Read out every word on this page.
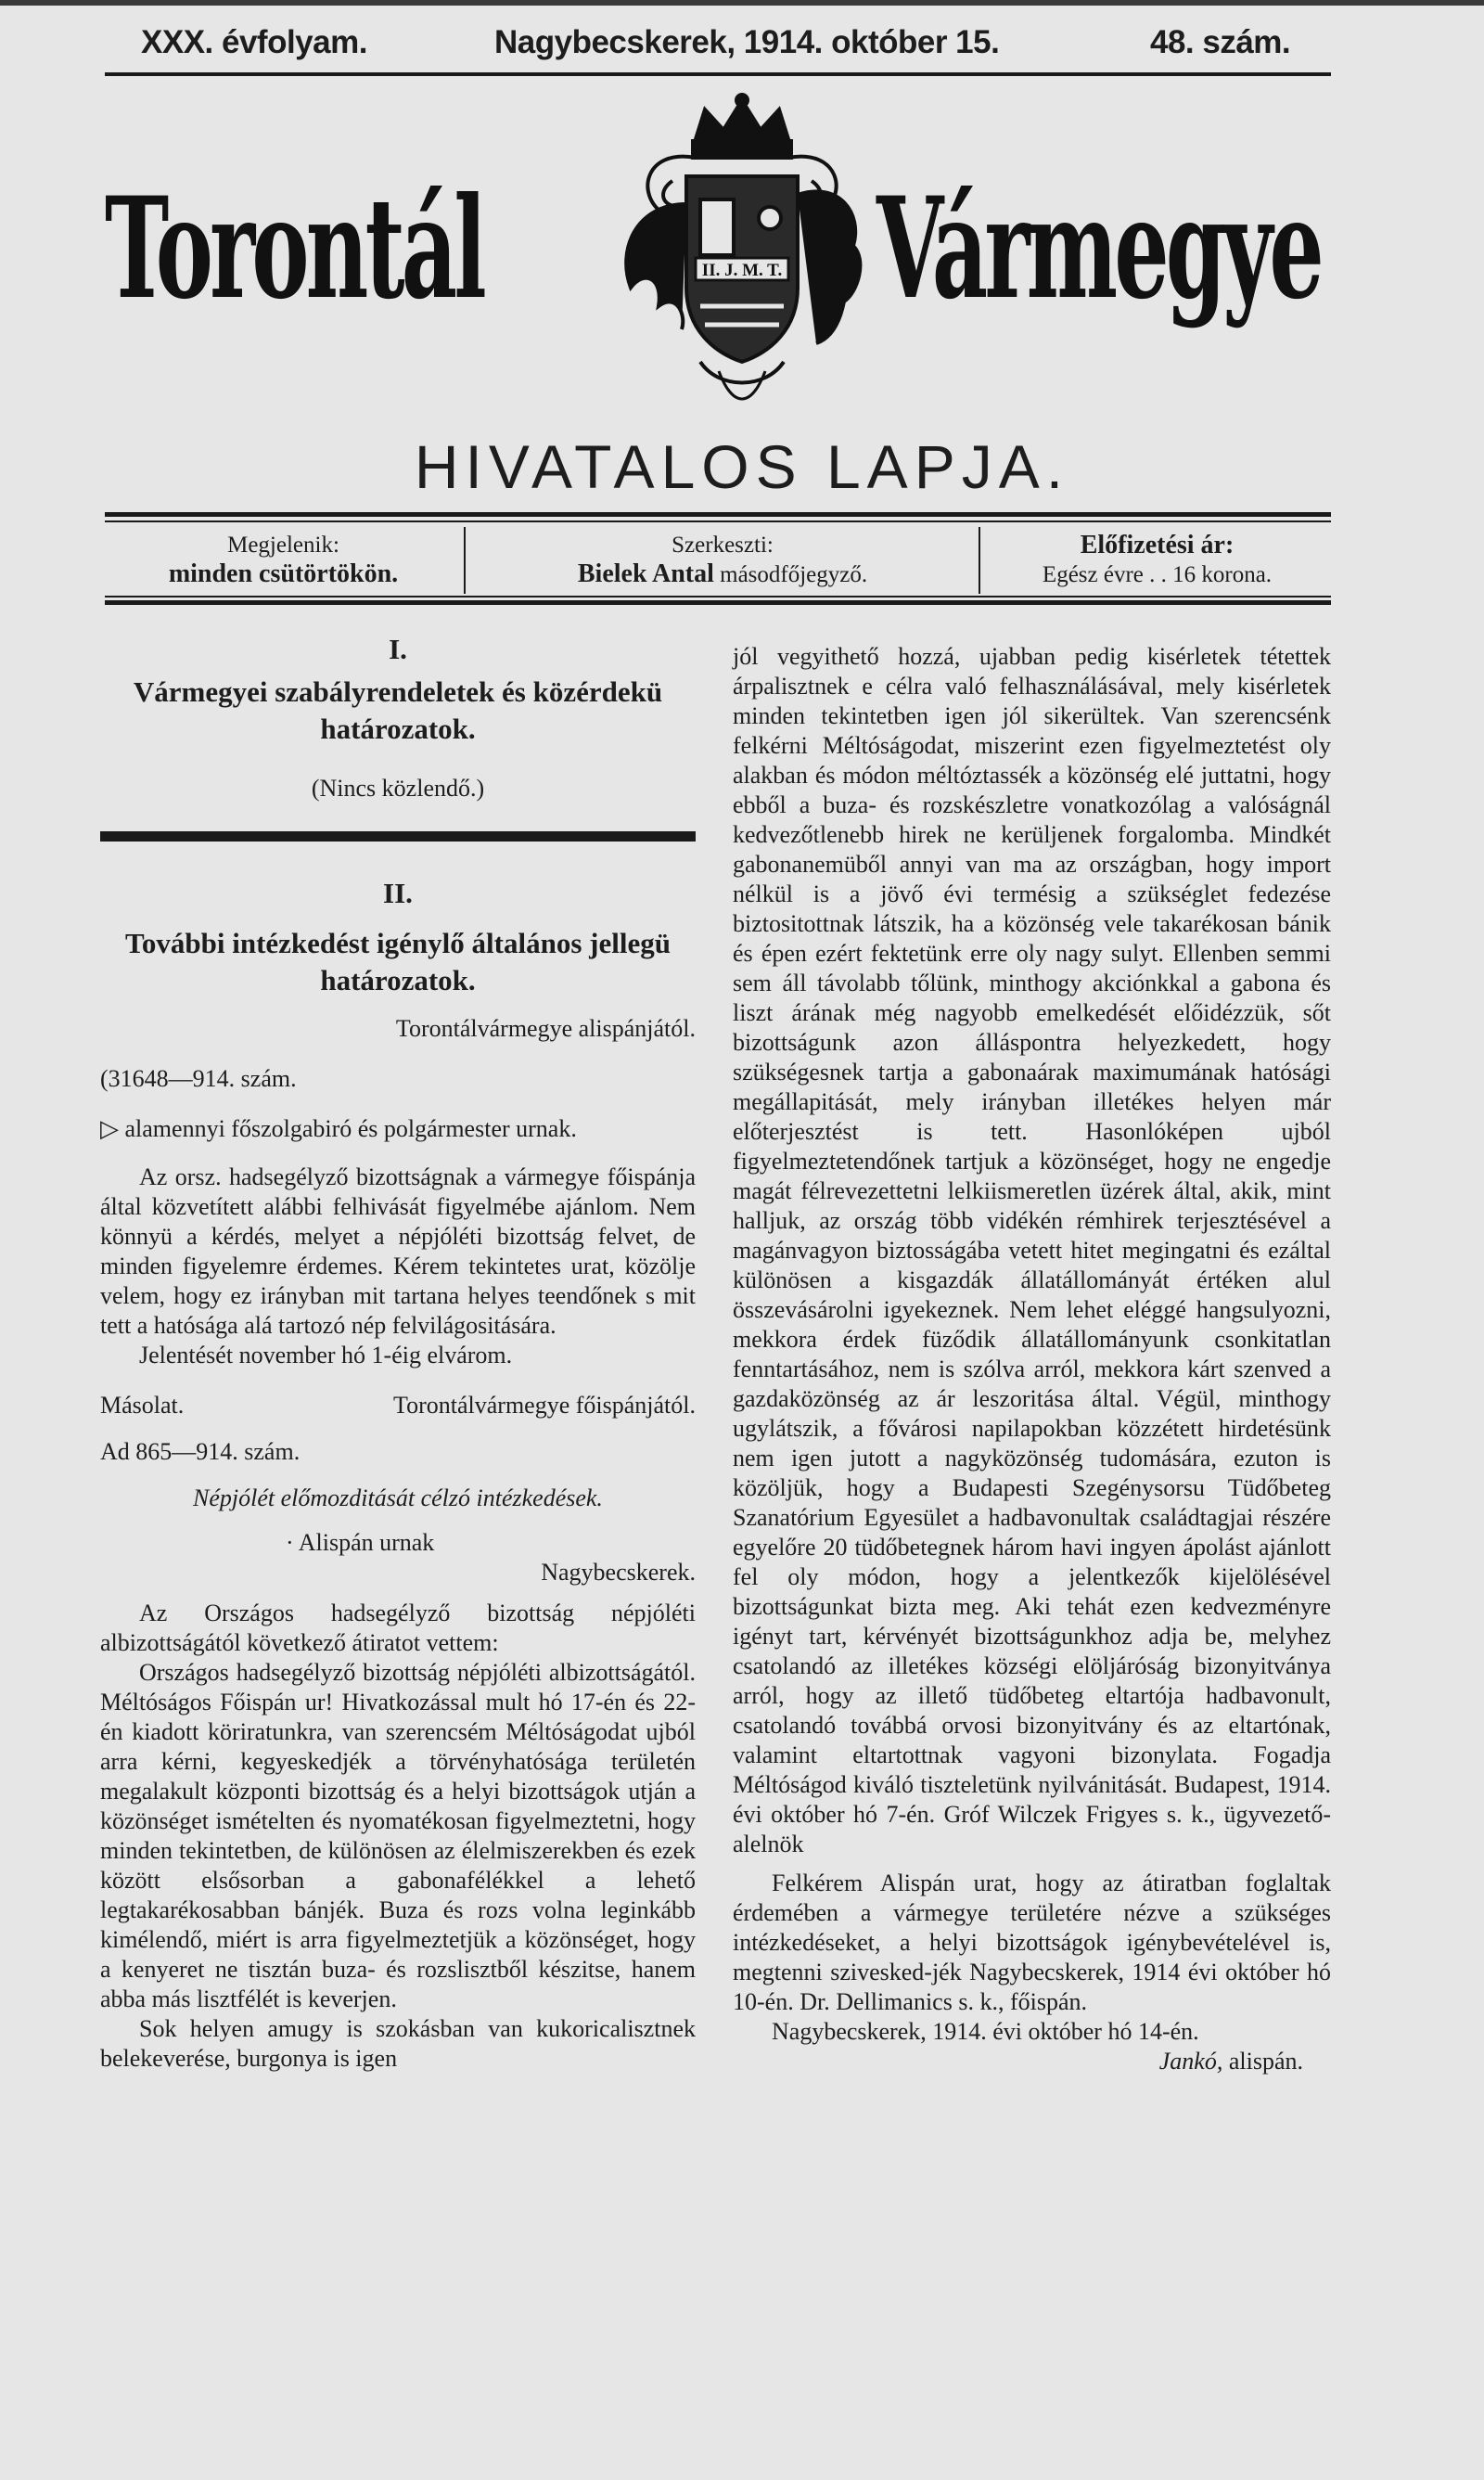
XXX. évfolyam.	Nagybecskerek, 1914. október 15.	48. szám.
Torontál	Vármegye
II. J. M. T.
HIVATALOS LAPJA.
Megjelenik:
minden csütörtökön.
Szerkeszti:
Bielek Antal másodfőjegyző.
Előfizetési ár:
Egész évre . . 16 korona.
I.
Vármegyei szabályrendeletek és közérdekü határozatok.

(Nincs közlendő.)

II.
További intézkedést igénylő általános jellegü határozatok.

Torontálvármegye alispánjától.

(31648—914. szám.

▷ alamennyi főszolgabiró és polgármester urnak.

Az orsz. hadsegélyző bizottságnak a vármegye főispánja által közvetített alábbi felhivását figyelmébe ajánlom. Nem könnyü a kérdés, melyet a népjóléti bizottság felvet, de minden figyelemre érdemes. Kérem tekintetes urat, közölje velem, hogy ez irányban mit tartana helyes teendőnek s mit tett a hatósága alá tartozó nép felvilágositására.

Jelentését november hó 1-éig elvárom.

Másolat.	Torontálvármegye főispánjától.

Ad 865—914. szám.

Népjólét előmozditását célzó intézkedések.

· Alispán urnak

Nagybecskerek.

Az Országos hadsegélyző bizottság népjóléti albizottságától következő átiratot vettem:

Országos hadsegélyző bizottság népjóléti albizottságától. Méltóságos Főispán ur! Hivatkozással mult hó 17-én és 22-én kiadott köriratunkra, van szerencsém Méltóságodat ujból arra kérni, kegyeskedjék a törvényhatósága területén megalakult központi bizottság és a helyi bizottságok utján a közönséget ismételten és nyomatékosan figyelmeztetni, hogy minden tekintetben, de különösen az élelmiszerekben és ezek között elsősorban a gabonafélékkel a lehető legtakarékosabban bánjék. Buza és rozs volna leginkább kimélendő, miért is arra figyelmeztetjük a közönséget, hogy a kenyeret ne tisztán buza- és rozslisztből készitse, hanem abba más lisztfélét is keverjen.

Sok helyen amugy is szokásban van kukoricalisztnek belekeverése, burgonya is igen

jól vegyithető hozzá, ujabban pedig kisérletek tétettek árpalisztnek e célra való felhasználásával, mely kisérletek minden tekintetben igen jól sikerültek. Van szerencsénk felkérni Méltóságodat, miszerint ezen figyelmeztetést oly alakban és módon méltóztassék a közönség elé juttatni, hogy ebből a buza- és rozskészletre vonatkozólag a valóságnál kedvezőtlenebb hirek ne kerüljenek forgalomba. Mindkét gabonanemüből annyi van ma az országban, hogy import nélkül is a jövő évi termésig a szükséglet fedezése biztositottnak látszik, ha a közönség vele takarékosan bánik és épen ezért fektetünk erre oly nagy sulyt. Ellenben semmi sem áll távolabb tőlünk, minthogy akciónkkal a gabona és liszt árának még nagyobb emelkedését előidézzük, sőt bizottságunk azon álláspontra helyezkedett, hogy szükségesnek tartja a gabonaárak maximumának hatósági megállapitását, mely irányban illetékes helyen már előterjesztést is tett. Hasonlóképen ujból figyelmeztetendőnek tartjuk a közönséget, hogy ne engedje magát félrevezettetni lelkiismeretlen üzérek által, akik, mint halljuk, az ország több vidékén rémhirek terjesztésével a magánvagyon biztosságába vetett hitet megingatni és ezáltal különösen a kisgazdák állatállományát értéken alul összevásárolni igyekeznek. Nem lehet eléggé hangsulyozni, mekkora érdek füződik állatállományunk csonkitatlan fenntartásához, nem is szólva arról, mekkora kárt szenved a gazdaközönség az ár leszoritása által. Végül, minthogy ugylátszik, a fővárosi napilapokban közzétett hirdetésünk nem igen jutott a nagyközönség tudomására, ezuton is közöljük, hogy a Budapesti Szegénysorsu Tüdőbeteg Szanatórium Egyesület a hadbavonultak családtagjai részére egyelőre 20 tüdőbetegnek három havi ingyen ápolást ajánlott fel oly módon, hogy a jelentkezők kijelölésével bizottságunkat bizta meg. Aki tehát ezen kedvezményre igényt tart, kérvényét bizottságunkhoz adja be, melyhez csatolandó az illetékes községi elöljáróság bizonyitványa arról, hogy az illető tüdőbeteg eltartója hadbavonult, csatolandó továbbá orvosi bizonyitvány és az eltartónak, valamint eltartottnak vagyoni bizonylata. Fogadja Méltóságod kiváló tiszteletünk nyilvánitását. Budapest, 1914. évi október hó 7-én. Gróf Wilczek Frigyes s. k., ügyvezető-alelnök

Felkérem Alispán urat, hogy az átiratban foglaltak érdemében a vármegye területére nézve a szükséges intézkedéseket, a helyi bizottságok igénybevételével is, megtenni szivesked-jék Nagybecskerek, 1914 évi október hó 10-én. Dr. Dellimanics s. k., főispán.

Nagybecskerek, 1914. évi október hó 14-én.

Jankó, alispán.
